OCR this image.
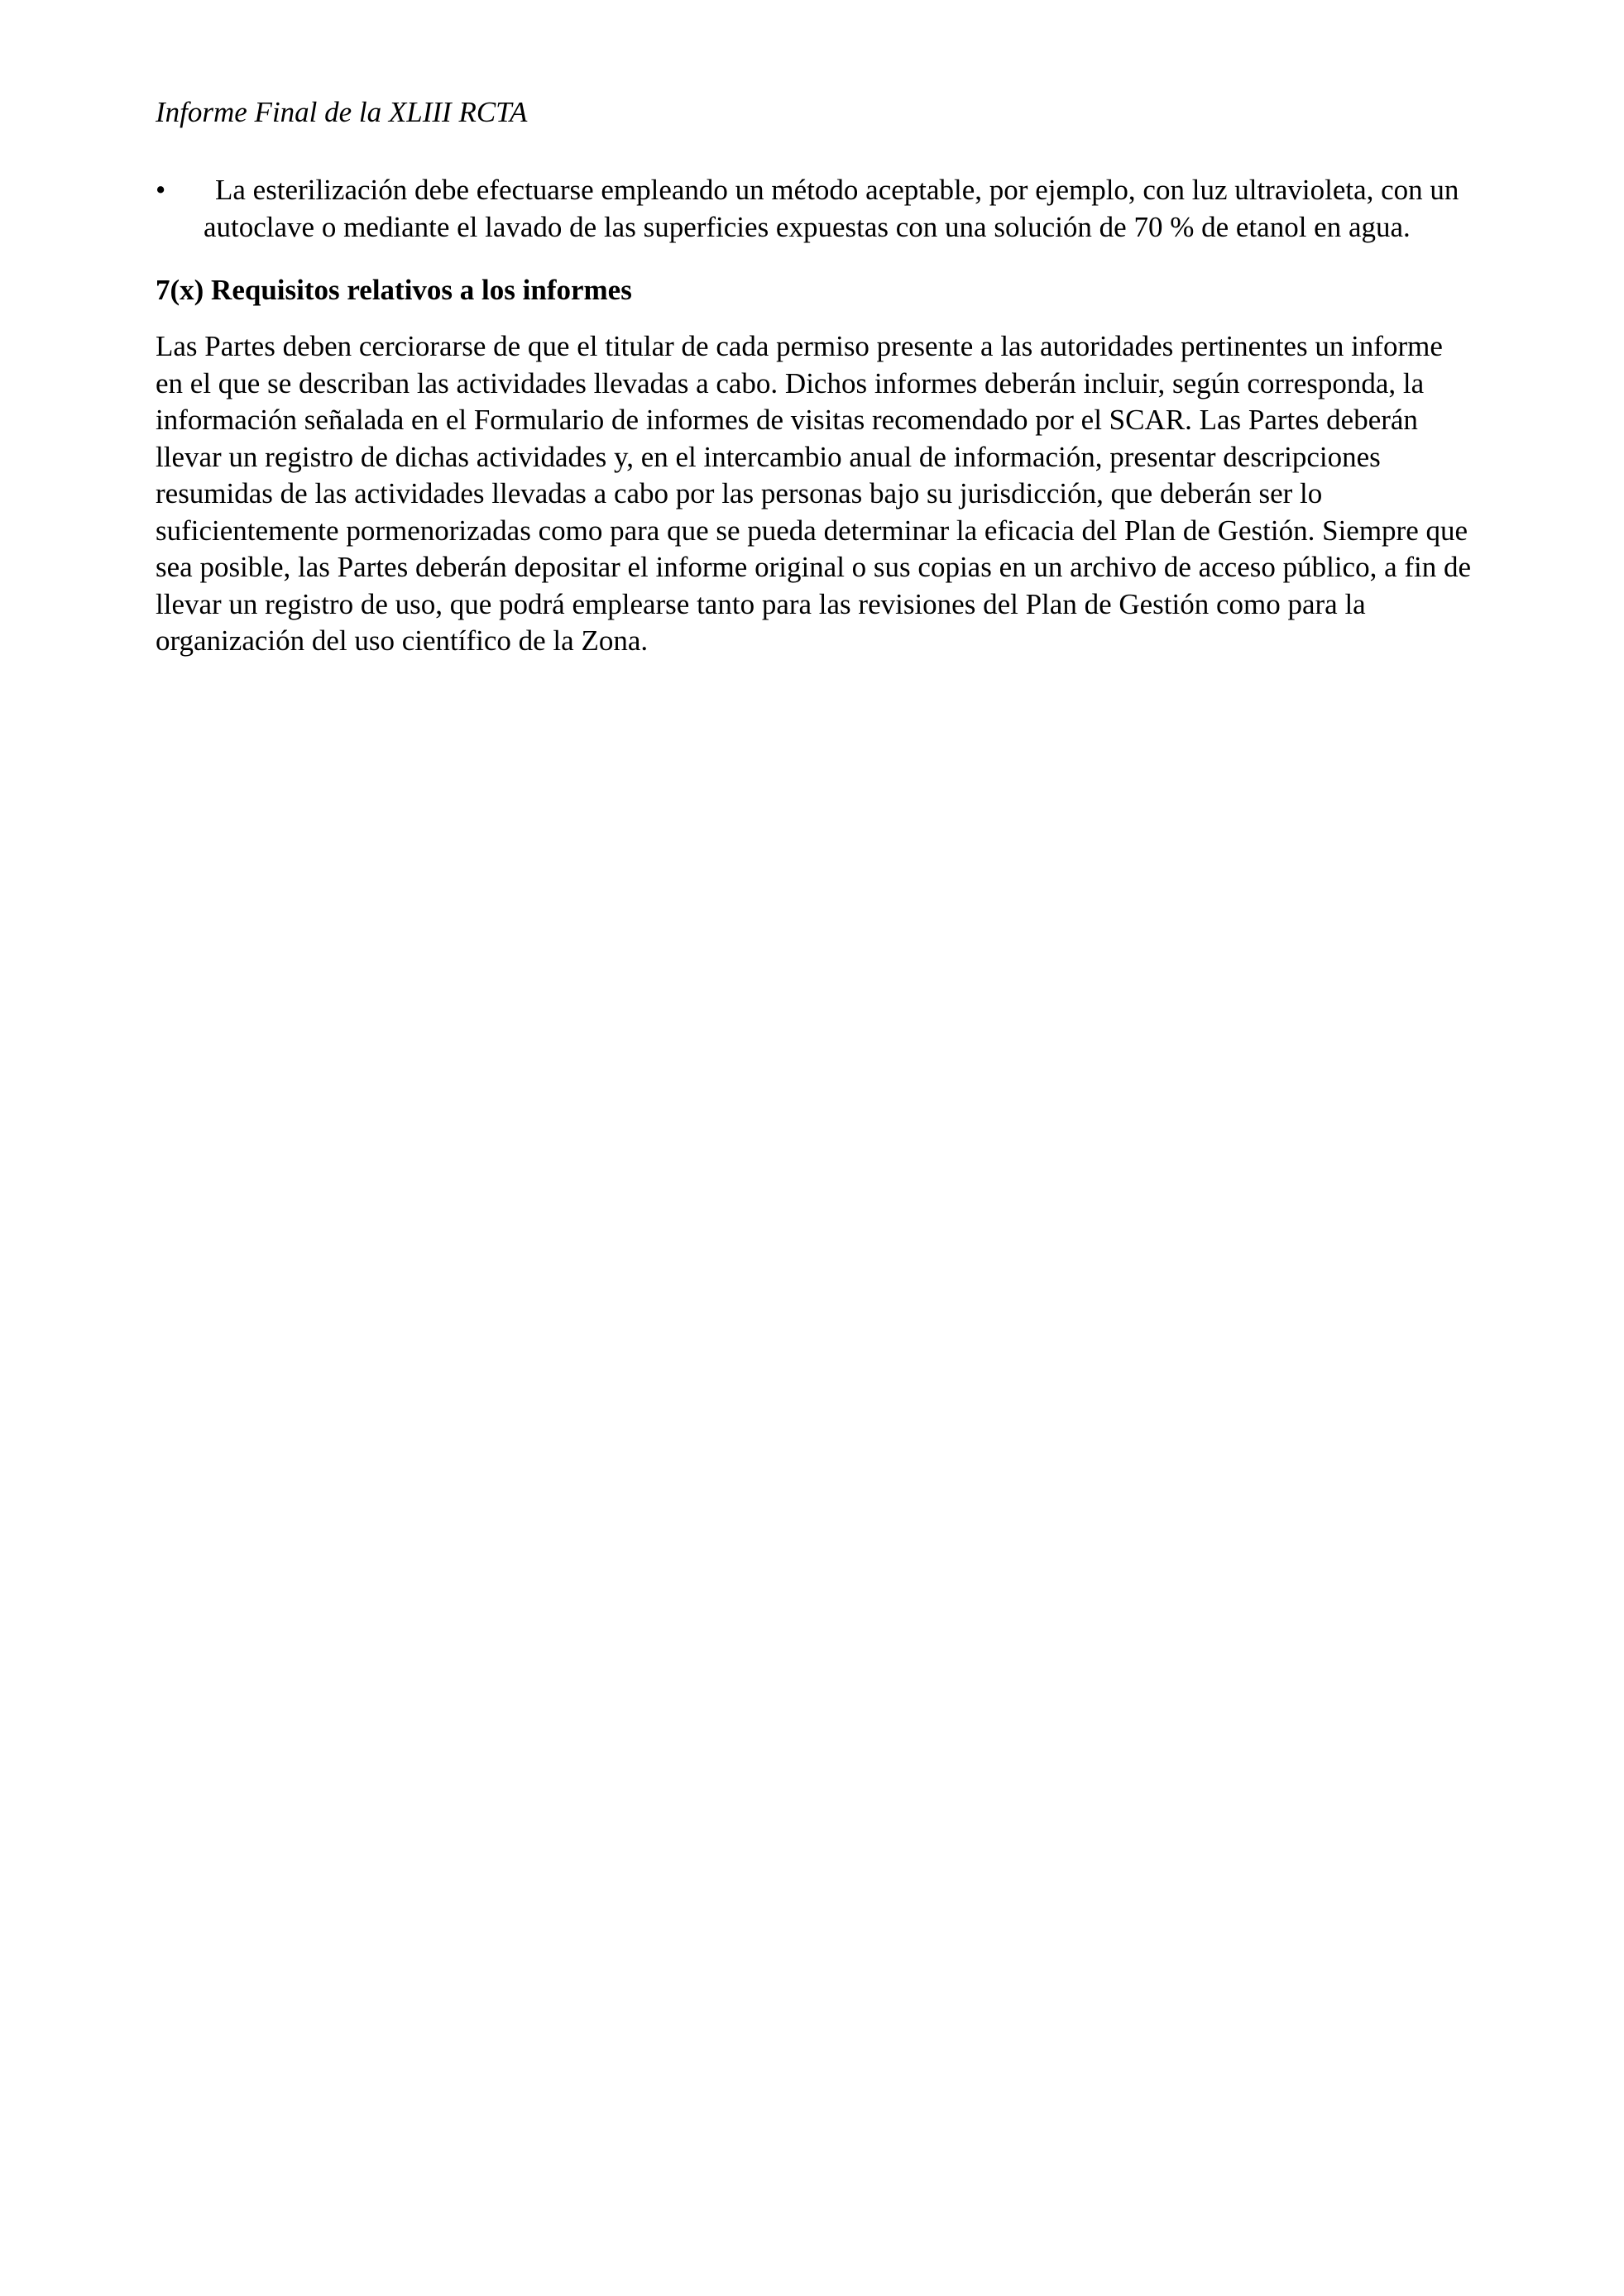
Informe Final de la XLIII RCTA
•	La esterilización debe efectuarse empleando un método aceptable, por ejemplo, con luz ultravioleta, con un autoclave o mediante el lavado de las superficies expuestas con una solución de 70 % de etanol en agua.
7(x) Requisitos relativos a los informes

Las Partes deben cerciorarse de que el titular de cada permiso presente a las autoridades pertinentes un informe en el que se describan las actividades llevadas a cabo. Dichos informes deberán incluir, según corresponda, la información señalada en el Formulario de informes de visitas recomendado por el SCAR. Las Partes deberán llevar un registro de dichas actividades y, en el intercambio anual de información, presentar descripciones resumidas de las actividades llevadas a cabo por las personas bajo su jurisdicción, que deberán ser lo suficientemente pormenorizadas como para que se pueda determinar la eficacia del Plan de Gestión. Siempre que sea posible, las Partes deberán depositar el informe original o sus copias en un archivo de acceso público, a fin de llevar un registro de uso, que podrá emplearse tanto para las revisiones del Plan de Gestión como para la organización del uso científico de la Zona.
